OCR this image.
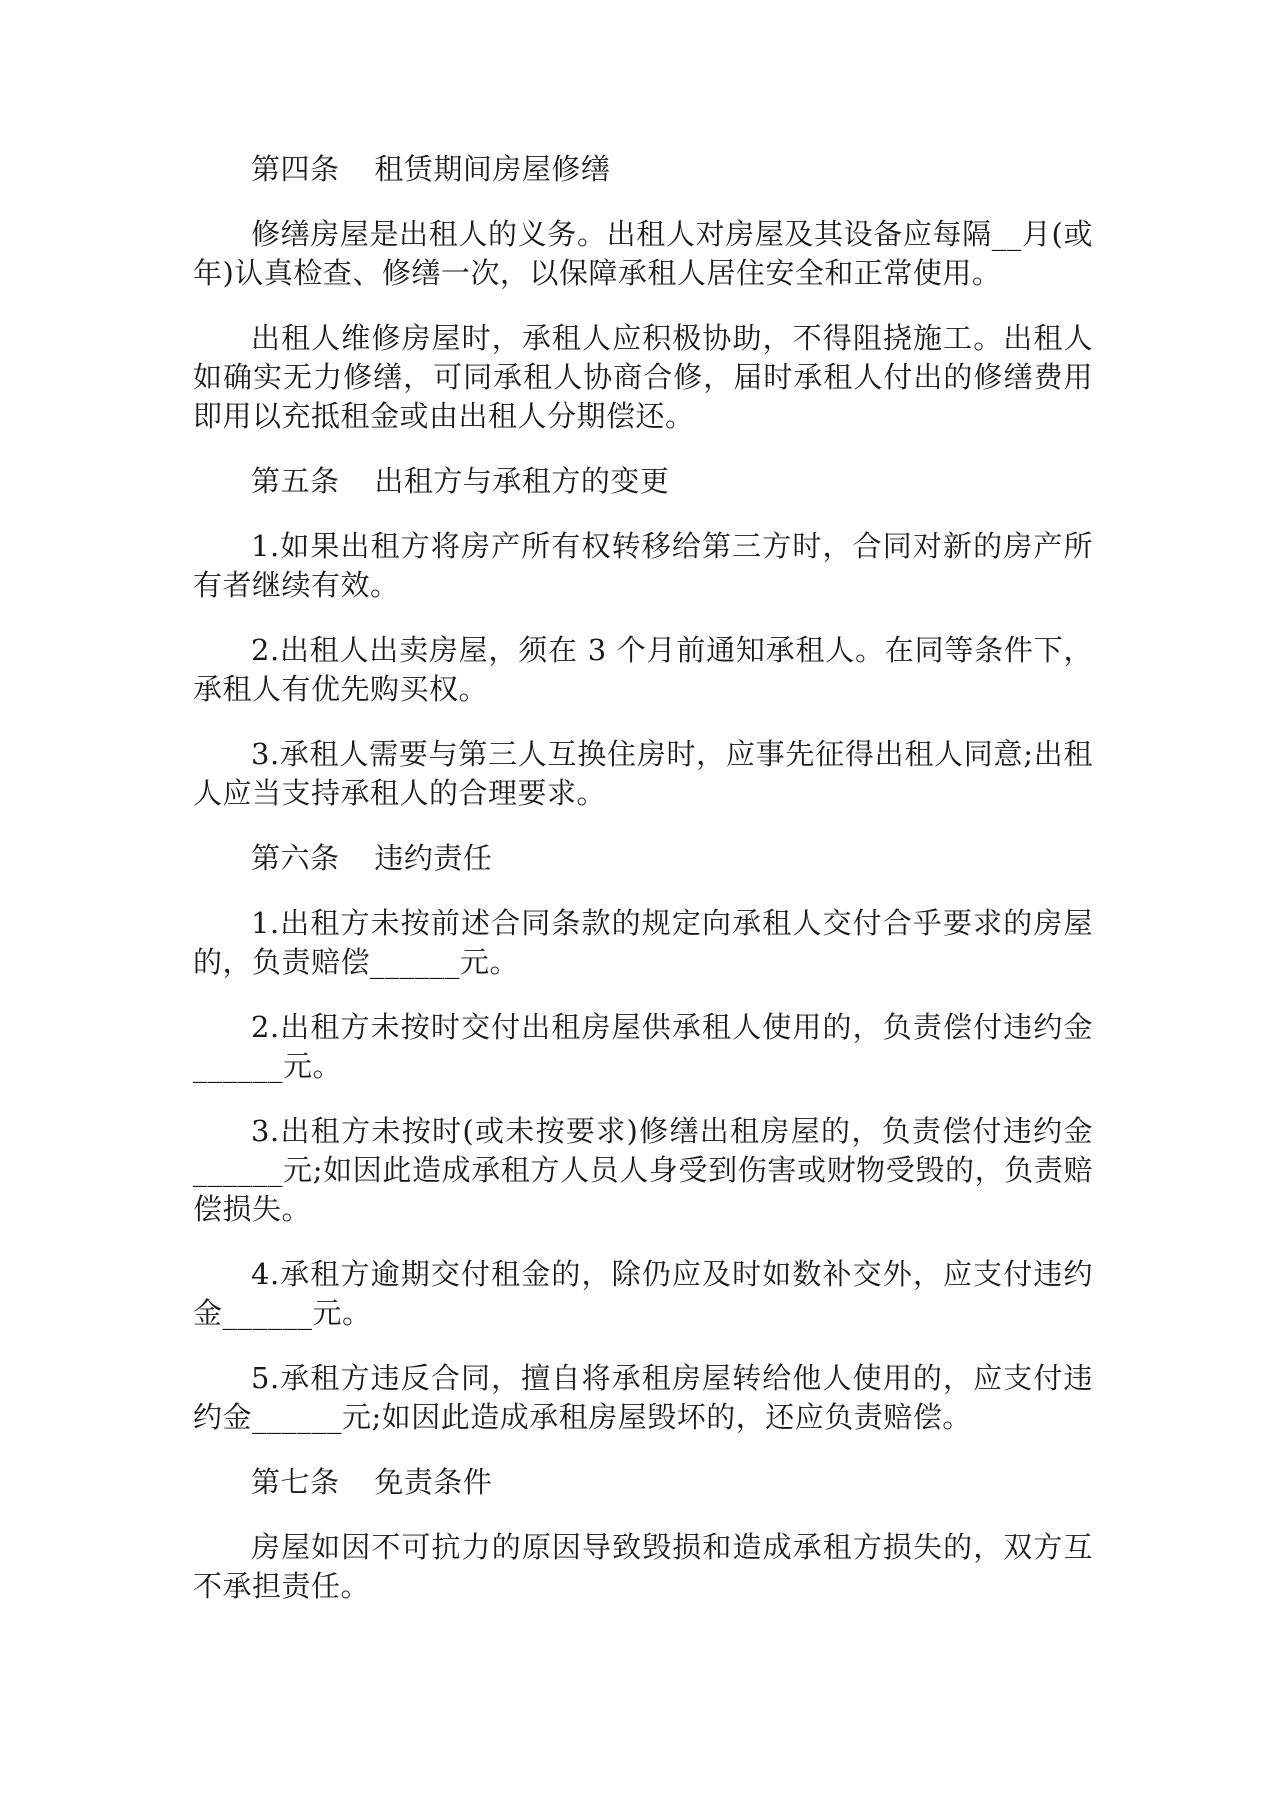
第四条 租赁期间房屋修缮

修缮房屋是出租人的义务。出租人对房屋及其设备应每隔__月(或年)认真检查、修缮一次，以保障承租人居住安全和正常使用。

出租人维修房屋时，承租人应积极协助，不得阻挠施工。出租人如确实无力修缮，可同承租人协商合修，届时承租人付出的修缮费用即用以充抵租金或由出租人分期偿还。

第五条 出租方与承租方的变更

1.如果出租方将房产所有权转移给第三方时，合同对新的房产所有者继续有效。

2.出租人出卖房屋，须在 3 个月前通知承租人。在同等条件下，承租人有优先购买权。

3.承租人需要与第三人互换住房时，应事先征得出租人同意;出租人应当支持承租人的合理要求。

第六条 违约责任

1.出租方未按前述合同条款的规定向承租人交付合乎要求的房屋的，负责赔偿______元。

2.出租方未按时交付出租房屋供承租人使用的，负责偿付违约金______元。

3.出租方未按时(或未按要求)修缮出租房屋的，负责偿付违约金______元;如因此造成承租方人员人身受到伤害或财物受毁的，负责赔偿损失。

4.承租方逾期交付租金的，除仍应及时如数补交外，应支付违约金______元。

5.承租方违反合同，擅自将承租房屋转给他人使用的，应支付违约金______元;如因此造成承租房屋毁坏的，还应负责赔偿。

第七条 免责条件

房屋如因不可抗力的原因导致毁损和造成承租方损失的，双方互不承担责任。
